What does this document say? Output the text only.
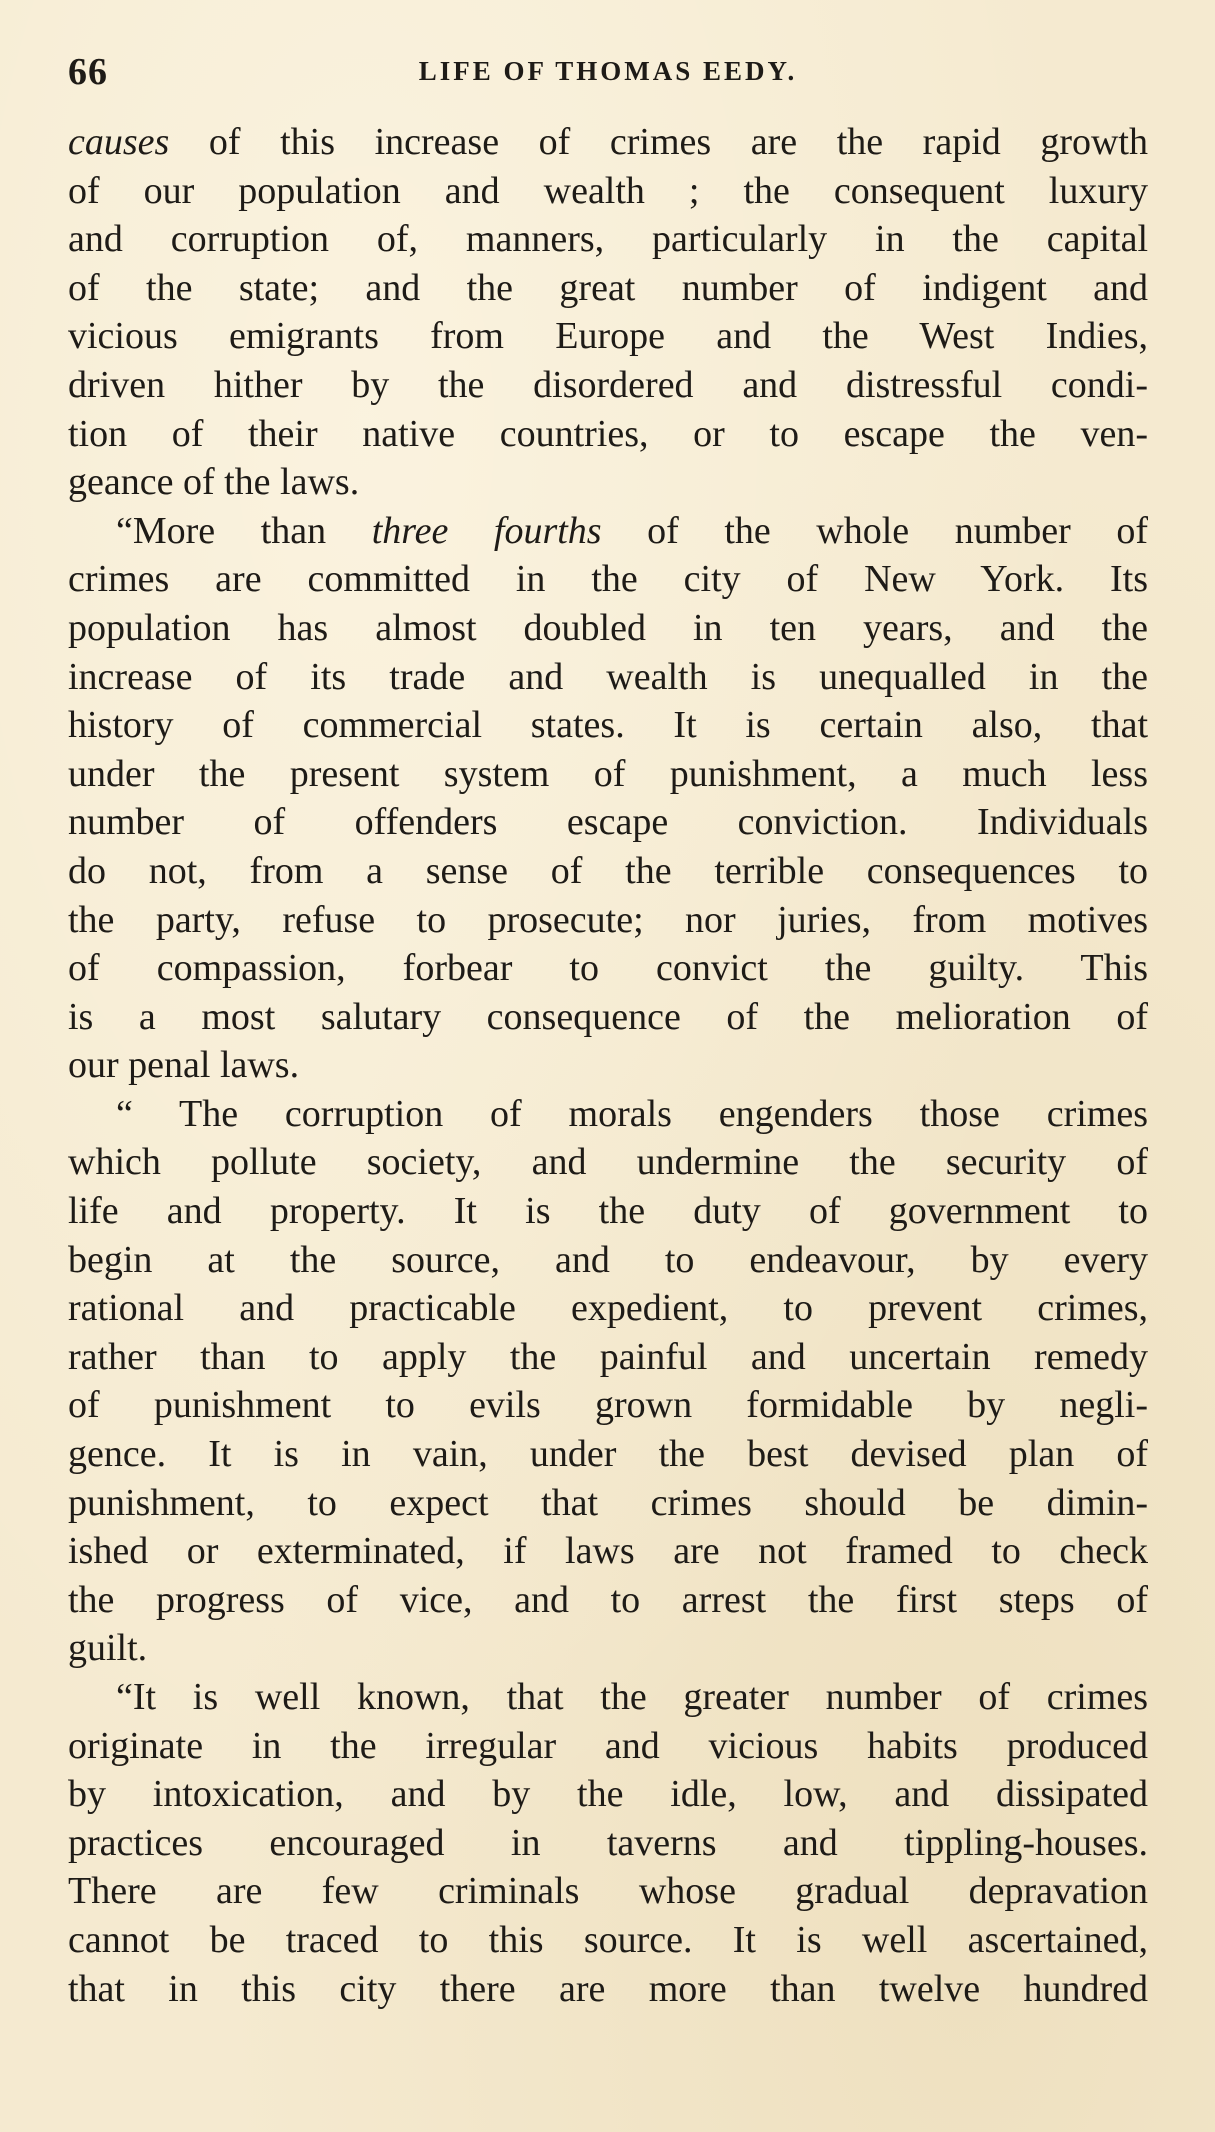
66	LIFE OF THOMAS EEDY.
causes of this increase of crimes are the rapid growth
of our population and wealth ; the consequent luxury
and corruption of, manners, particularly in the capital
of the state; and the great number of indigent and
vicious emigrants from Europe and the West Indies,
driven hither by the disordered and distressful condi-
tion of their native countries, or to escape the ven-
geance of the laws.
“More than three fourths of the whole number of
crimes are committed in the city of New York. Its
population has almost doubled in ten years, and the
increase of its trade and wealth is unequalled in the
history of commercial states. It is certain also, that
under the present system of punishment, a much less
number of offenders escape conviction. Individuals
do not, from a sense of the terrible consequences to
the party, refuse to prosecute; nor juries, from motives
of compassion, forbear to convict the guilty. This
is a most salutary consequence of the melioration of
our penal laws.
“ The corruption of morals engenders those crimes
which pollute society, and undermine the security of
life and property. It is the duty of government to
begin at the source, and to endeavour, by every
rational and practicable expedient, to prevent crimes,
rather than to apply the painful and uncertain remedy
of punishment to evils grown formidable by negli-
gence. It is in vain, under the best devised plan of
punishment, to expect that crimes should be dimin-
ished or exterminated, if laws are not framed to check
the progress of vice, and to arrest the first steps of
guilt.
“It is well known, that the greater number of crimes
originate in the irregular and vicious habits produced
by intoxication, and by the idle, low, and dissipated
practices encouraged in taverns and tippling-houses.
There are few criminals whose gradual depravation
cannot be traced to this source. It is well ascertained,
that in this city there are more than twelve hundred
